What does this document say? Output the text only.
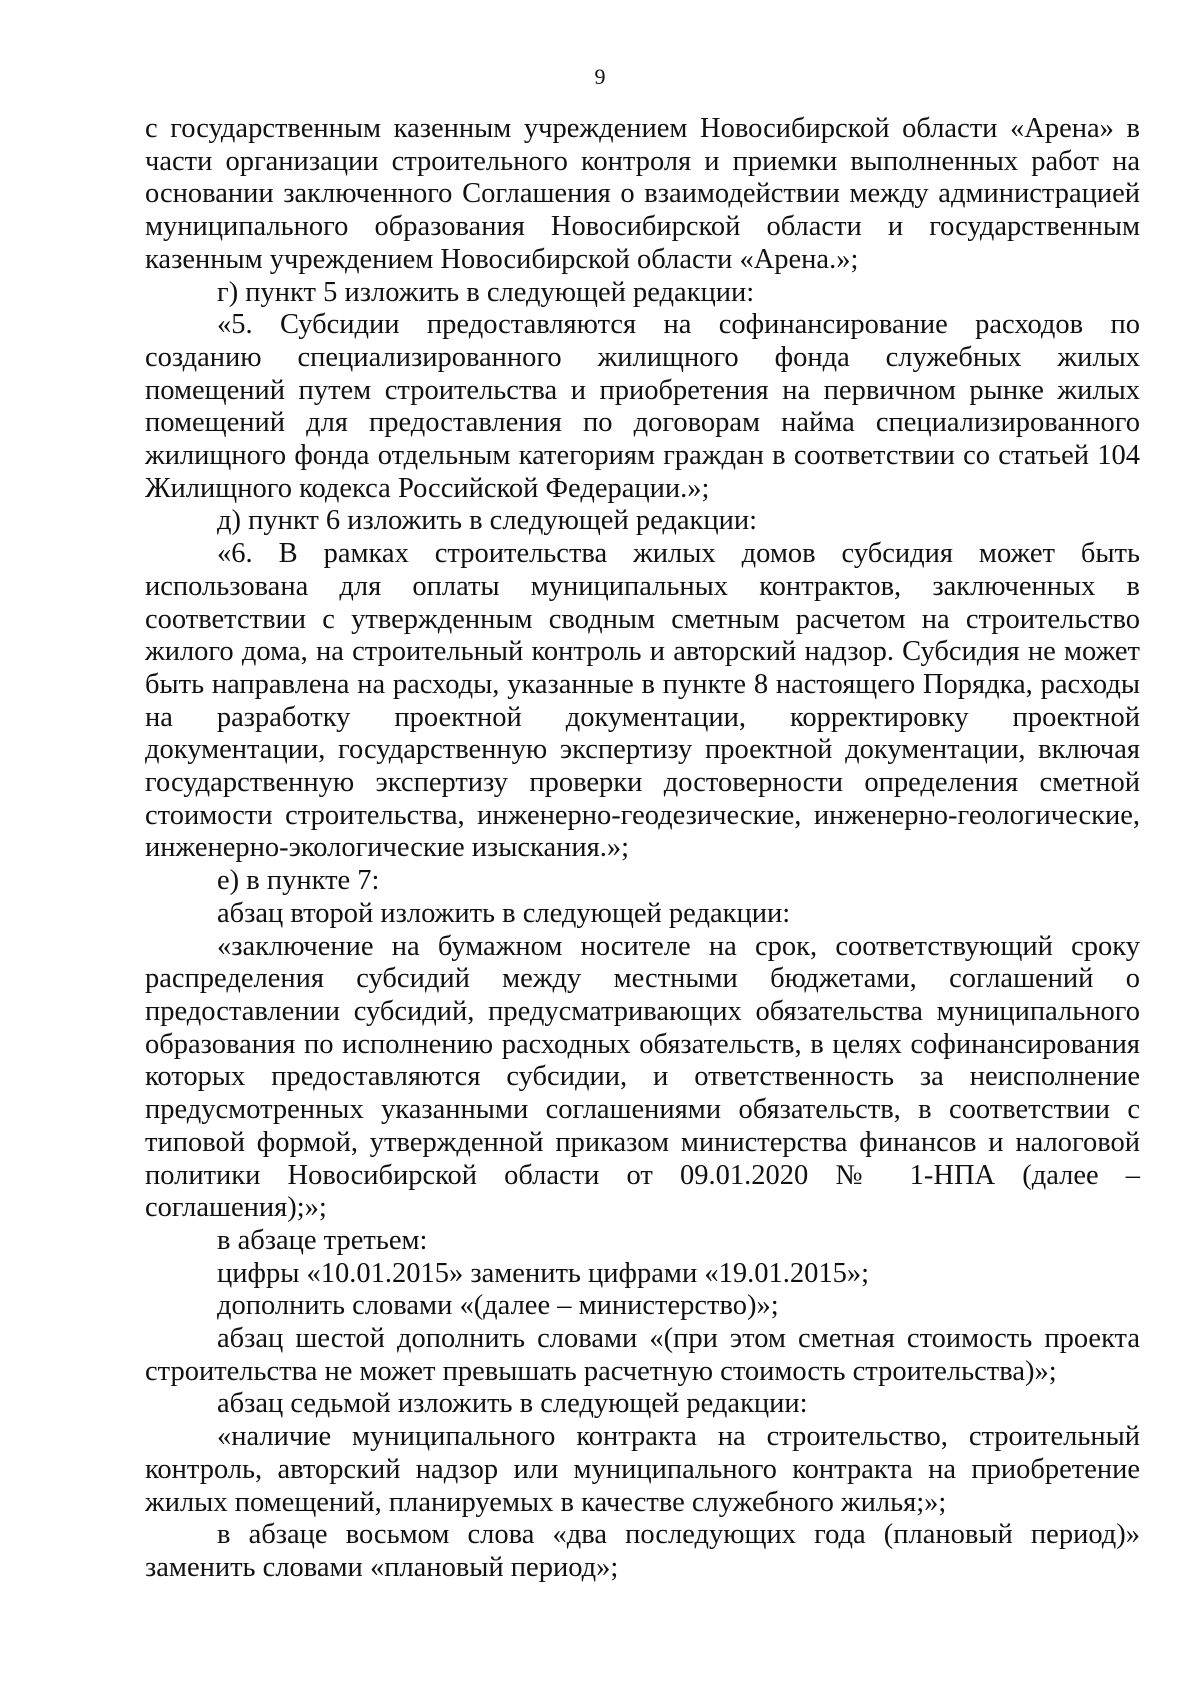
9

с государственным казенным учреждением Новосибирской области «Арена» в части организации строительного контроля и приемки выполненных работ на основании заключенного Соглашения о взаимодействии между администрацией муниципального образования Новосибирской области и государственным казенным учреждением Новосибирской области «Арена.»;

г) пункт 5 изложить в следующей редакции:

«5. Субсидии предоставляются на софинансирование расходов по созданию специализированного жилищного фонда служебных жилых помещений путем строительства и приобретения на первичном рынке жилых помещений для предоставления по договорам найма специализированного жилищного фонда отдельным категориям граждан в соответствии со статьей 104 Жилищного кодекса Российской Федерации.»;

д) пункт 6 изложить в следующей редакции:

«6. В рамках строительства жилых домов субсидия может быть использована для оплаты муниципальных контрактов, заключенных в соответствии с утвержденным сводным сметным расчетом на строительство жилого дома, на строительный контроль и авторский надзор. Субсидия не может быть направлена на расходы, указанные в пункте 8 настоящего Порядка, расходы на разработку проектной документации, корректировку проектной документации, государственную экспертизу проектной документации, включая государственную экспертизу проверки достоверности определения сметной стоимости строительства, инженерно-геодезические, инженерно-геологические, инженерно-экологические изыскания.»;

е) в пункте 7:

абзац второй изложить в следующей редакции:

«заключение на бумажном носителе на срок, соответствующий сроку распределения субсидий между местными бюджетами, соглашений о предоставлении субсидий, предусматривающих обязательства муниципального образования по исполнению расходных обязательств, в целях софинансирования которых предоставляются субсидии, и ответственность за неисполнение предусмотренных указанными соглашениями обязательств, в соответствии с типовой формой, утвержденной приказом министерства финансов и налоговой политики Новосибирской области от 09.01.2020 № 1-НПА (далее – соглашения);»;

в абзаце третьем:

цифры «10.01.2015» заменить цифрами «19.01.2015»;

дополнить словами «(далее – министерство)»;

абзац шестой дополнить словами «(при этом сметная стоимость проекта строительства не может превышать расчетную стоимость строительства)»;

абзац седьмой изложить в следующей редакции:

«наличие муниципального контракта на строительство, строительный контроль, авторский надзор или муниципального контракта на приобретение жилых помещений, планируемых в качестве служебного жилья;»;

в абзаце восьмом слова «два последующих года (плановый период)» заменить словами «плановый период»;
